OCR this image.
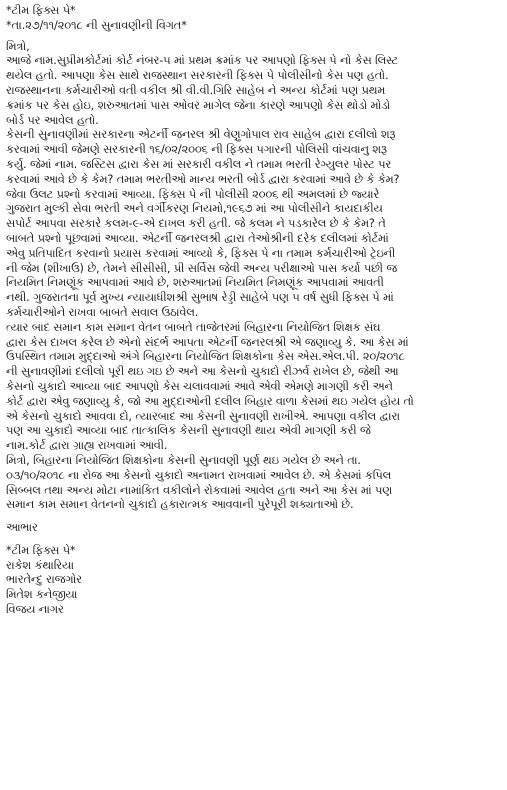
*ટીમ ફિક્સ પે*
*તા.૨૭/૧૧/૨૦૧૮ ની સુનાવણીની વિગત*
મિત્રો,
આજે નામ.સુપ્રીમકોર્ટમાં કોર્ટ નંબર-૫ માં પ્રથમ ક્રમાંક પર આપણો ફિક્સ પે નો કેસ લિસ્ટ
થયેલ હતો. આપણા કેસ સાથે રાજસ્થાન સરકારની ફિક્સ પે પોલીસીનો કેસ પણ હતો.
રાજસ્થાનના કર્મચારીઓ વતી વકીલ શ્રી વી.વી.ગિરિ સાહેબ ને અન્ય કોર્ટમાં પણ પ્રથમ
ક્રમાંક પર કેસ હોઇ, શરુઆતમાં પાસ ઓવર માગેલ જેના કારણે આપણો કેસ થોડો મોડો
બોર્ડ પર આવેલ હતો.
કેસની સુનાવણીમાં સરકારના એટર્ની જનરલ શ્રી વેણુગોપાલ રાવ સાહેબ દ્વારા દલીલો શરૂ
કરવામાં આવી જેમણે સરકારની ૧૬/૦૨/૨૦૦૬ ની ફિક્સ પગારની પોલિસી વાંચવાનુ શરૂ
કર્યુ. જેમાં નામ. જસ્ટિસ દ્વારા કેસ માં સરકારી વકીલ ને તમામ ભરતી રેગ્યુલર પોસ્ટ પર
કરવામાં આવે છે કે કેમ? તમામ ભરતીઓ માન્ય ભરતી બોર્ડ દ્વારા કરવામાં આવે છે કે કેમ?
જેવા ઉલટ પ્રશ્નો કરવામાં આવ્યા. ફિક્સ પે ની પોલીસી ૨૦૦૬ થી અમલમાં છે જ્યારે
ગુજરાત મુલ્કી સેવા ભરતી અને વર્ગીકરણ નિયમો,૧૯૬૭ માં આ પોલીસીને કાયદાકીય
સપોર્ટ આપવા સરકારે કલમ-૯-એ દાખલ કરી હતી. જે કલમ ને પડકારેલ છે કે કેમ? તે
બાબતે પ્રશ્નો પૂછવામાં આવ્યા. એટર્ની જનરલશ્રી દ્વારા તેઓશ્રીની દરેક દલીલમાં કોર્ટમાં
એવુ પ્રતિપાદિત કરવાનો પ્રયાસ કરવામાં આવ્યો કે, ફિક્સ પે ના તમામ કર્મચારીઓ ટ્રેઇની
ની જેમ (શીખાઉ) છે, તેમને સીસીસી, પ્રી સર્વિસ જેવી અન્ય પરીક્ષાઓ પાસ કર્યા પછી જ
નિયમિત નિમણૂંક આપવામાં આવે છે, શરુઆતમાં નિયમિત નિમણૂંક આપવામાં આવતી
નથી. ગુજરાતના પૂર્વ મુખ્ય ન્યાયાધીશશ્રી સુભાષ રેડ્ડી સાહેબે પણ ૫ વર્ષ સુધી ફિક્સ પે માં
કર્મચારીઓને રાખવા બાબતે સવાલ ઉઠાવેલ.
ત્યાર બાદ સમાન કામ સમાન વેતન બાબતે તાજેતરમાં બિહારના નિયોજિત શિક્ષક સંઘ
દ્વારા કેસ દાખલ કરેલ છે એનો સંદર્ભ આપતા એટર્ની જનરલશ્રી એ જણાવ્યુ કે. આ કેસ માં
ઉપસ્થિત તમામ મુદ્દાઓ અંગે બિહારના નિયોજિત શિક્ષકોના કેસ એસ.એલ.પી. ૨૦/૨૦૧૮
ની સુનાવણીમાં દલીલો પૂરી થઇ ગઇ છે અને આ કેસનો ચુકાદો રીઝર્વ રાખેલ છે, જેથી આ
કેસનો ચુકાદો આવ્યા બાદ આપણો કેસ ચલાવવામાં આવે એવી એમણે માગણી કરી અને
કોર્ટ દ્વારા એવુ જણાવ્યુ કે, જો આ મુદ્દાઓની દલીલ બિહાર વાળા કેસમાં થઇ ગયેલ હોય તો
એ કેસનો ચુકાદો આવવા દો, ત્યારબાદ આ કેસની સુનાવણી રાખીએ. આપણા વકીલ દ્વારા
પણ આ ચુકાદો આવ્યા બાદ તાત્કાલિક કેસની સુનાવણી થાય એવી માગણી કરી જે
નામ.કોર્ટ દ્વારા ગ્રાહ્ય રાખવામાં આવી.
મિત્રો, બિહારના નિયોજિત શિક્ષકોના કેસની સુનાવણી પૂર્ણ થઇ ગયેલ છે અને તા.
૦૩/૧૦/૨૦૧૮ ના રોજ આ કેસનો ચુકાદો અનામત રાખવામાં આવેલ છે. એ કેસમાં કપિલ
સિબ્બલ તથા અન્ય મોટા નામાંકિત વકીલોને રોકવામાં આવેલ હતા અને આ કેસ માં પણ
સમાન કામ સમાન વેતનનો ચુકાદો હકારાત્મક આવવાની પુરેપૂરી શક્યતાઓ છે.
આભાર
*ટીમ ફિક્સ પે*
રાકેશ કંથારિયા
ભારતેન્દુ રાજગોર
મિતેશ કનેજીયા
વિજય નાગર
